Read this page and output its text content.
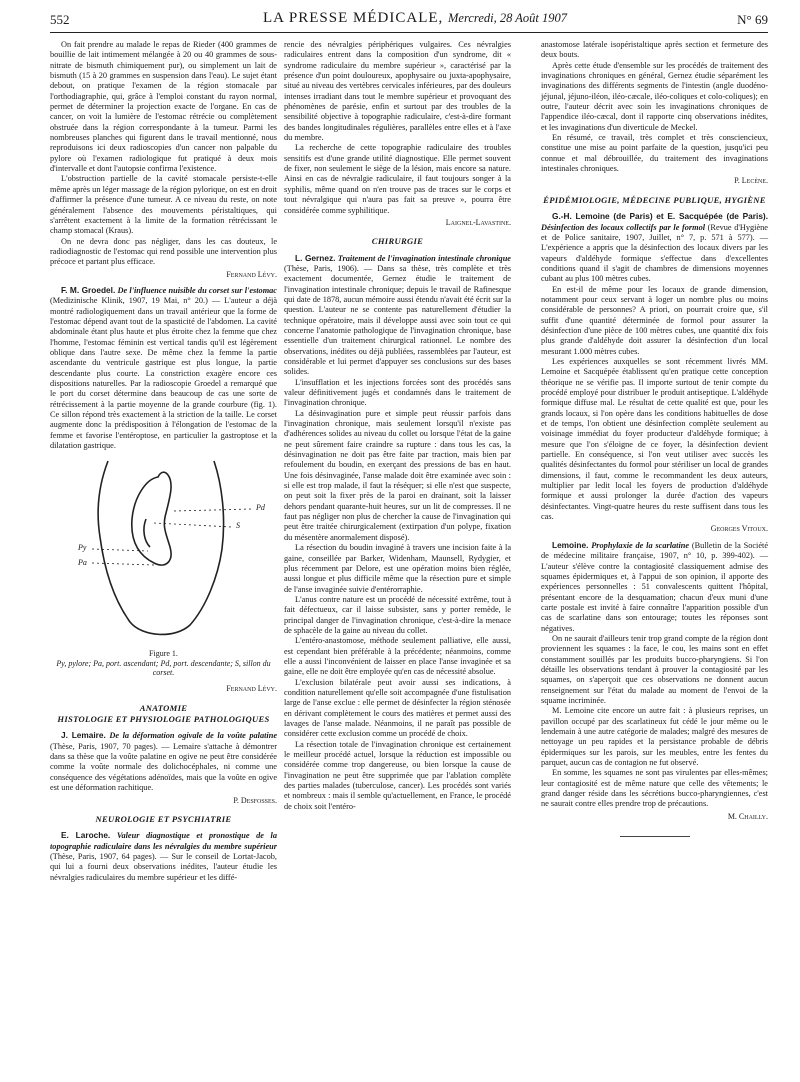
552	LA PRESSE MÉDICALE, Mercredi, 28 Août 1907	N° 69

On fait prendre au malade le repas de Rieder (400 grammes de bouillie de lait intimement mélangée à 20 ou 40 grammes de sous-nitrate de bismuth chimiquement pur), ou simplement un lait de bismuth (15 à 20 grammes en suspension dans l'eau). Le sujet étant debout, on pratique l'examen de la région stomacale par l'orthodiagraphie, qui, grâce à l'emploi constant du rayon normal, permet de déterminer la projection exacte de l'organe. En cas de cancer, on voit la lumière de l'estomac rétrécie ou complètement obstruée dans la région correspondante à la tumeur. Parmi les nombreuses planches qui figurent dans le travail mentionné, nous reproduisons ici deux radioscopies d'un cancer non palpable du pylore où l'examen radiologique fut pratiqué à deux mois d'intervalle et dont l'autopsie confirma l'existence.

L'obstruction partielle de la cavité stomacale persiste-t-elle même après un léger massage de la région pylorique, on est en droit d'affirmer la présence d'une tumeur. A ce niveau du reste, on note généralement l'absence des mouvements péristaltiques, qui s'arrêtent exactement à la limite de la formation rétrécissant le champ stomacal (Kraus).

On ne devra donc pas négliger, dans les cas douteux, le radiodiagnostic de l'estomac qui rend possible une intervention plus précoce et partant plus efficace.

Fernand Lévy.

F. M. Groedel. De l'influence nuisible du corset sur l'estomac (Medizinische Klinik, 1907, 19 Mai, n° 20.) — L'auteur a déjà montré radiologiquement dans un travail antérieur que la forme de l'estomac dépend avant tout de la spasticité de l'abdomen. La cavité abdominale étant plus haute et plus étroite chez la femme que chez l'homme, l'estomac féminin est vertical tandis qu'il est légèrement oblique dans l'autre sexe. De même chez la femme la partie ascendante du ventricule gastrique est plus longue, la partie descendante plus courte. La constriction exagère encore ces dispositions naturelles. Par la radioscopie Groedel a remarqué que le port du corset détermine dans beaucoup de cas une sorte de rétrécissement à la partie moyenne de la grande courbure (fig. 1). Ce sillon répond très exactement à la striction de la taille. Le corset augmente donc la prédisposition à l'élongation de l'estomac de la femme et favorise l'entéroptose, en particulier la gastroptose et la dilatation gastrique.

Pd
S
Py
Pa
Figure 1.
Py, pylore; Pa, port. ascendant; Pd, port. descendante; S, sillon du corset.
Fernand Lévy.
ANATOMIE
HISTOLOGIE ET PHYSIOLOGIE PATHOLOGIQUES

J. Lemaire. De la déformation ogivale de la voûte palatine (Thèse, Paris, 1907, 70 pages). — Lemaire s'attache à démontrer dans sa thèse que la voûte palatine en ogive ne peut être considérée comme la voûte normale des dolichocéphales, ni comme une conséquence des végétations adénoïdes, mais que la voûte en ogive est une déformation rachitique.

P. Desfosses.
NEUROLOGIE ET PSYCHIATRIE

E. Laroche. Valeur diagnostique et pronostique de la topographie radiculaire dans les névralgies du membre supérieur (Thèse, Paris, 1907, 64 pages). — Sur le conseil de Lortat-Jacob, qui lui a fourni deux observations inédites, l'auteur étudie les névralgies radiculaires du membre supérieur et les diffé-

rencie des névralgies périphériques vulgaires. Ces névralgies radiculaires entrent dans la composition d'un syndrome, dit « syndrome radiculaire du membre supérieur », caractérisé par la présence d'un point douloureux, apophysaire ou juxta-apophysaire, situé au niveau des vertèbres cervicales inférieures, par des douleurs intenses irradiant dans tout le membre supérieur et provoquant des phénomènes de parésie, enfin et surtout par des troubles de la sensibilité objective à topographie radiculaire, c'est-à-dire formant des bandes longitudinales régulières, parallèles entre elles et à l'axe du membre.

La recherche de cette topographie radiculaire des troubles sensitifs est d'une grande utilité diagnostique. Elle permet souvent de fixer, non seulement le siège de la lésion, mais encore sa nature. Ainsi en cas de névralgie radiculaire, il faut toujours songer à la syphilis, même quand on n'en trouve pas de traces sur le corps et tout névralgique qui n'aura pas fait sa preuve », pourra être considérée comme syphilitique.

Laignel-Lavastine.
CHIRURGIE

L. Gernez. Traitement de l'invagination intestinale chronique (Thèse, Paris, 1906). — Dans sa thèse, très complète et très exactement documentée, Gernez étudie le traitement de l'invagination intestinale chronique; depuis le travail de Rafinesque qui date de 1878, aucun mémoire aussi étendu n'avait été écrit sur la question. L'auteur ne se contente pas naturellement d'étudier la technique opératoire, mais il développe aussi avec soin tout ce qui concerne l'anatomie pathologique de l'invagination chronique, base essentielle d'un traitement chirurgical rationnel. Le nombre des observations, inédites ou déjà publiées, rassemblées par l'auteur, est considérable et lui permet d'appuyer ses conclusions sur des bases solides.

L'insufflation et les injections forcées sont des procédés sans valeur définitivement jugés et condamnés dans le traitement de l'invagination chronique.

La désinvagination pure et simple peut réussir parfois dans l'invagination chronique, mais seulement lorsqu'il n'existe pas d'adhérences solides au niveau du collet ou lorsque l'état de la gaine ne peut sûrement faire craindre sa rupture : dans tous les cas, la désinvagination ne doit pas être faite par traction, mais bien par refoulement du boudin, en exerçant des pressions de bas en haut. Une fois désinvaginée, l'anse malade doit être examinée avec soin : si elle est trop malade, il faut la réséquer; si elle n'est que suspecte, on peut soit la fixer près de la paroi en drainant, soit la laisser dehors pendant quarante-huit heures, sur un lit de compresses. Il ne faut pas négliger non plus de chercher la cause de l'invagination qui peut être traitée chirurgicalement (extirpation d'un polype, fixation du mésentère anormalement disposé).

La résection du boudin invaginé à travers une incision faite à la gaine, conseillée par Barker, Widenham, Maunsell, Rydygier, et plus récemment par Delore, est une opération moins bien réglée, aussi longue et plus difficile même que la résection pure et simple de l'anse invaginée suivie d'entérorraphie.

L'anus contre nature est un procédé de nécessité extrême, tout à fait défectueux, car il laisse subsister, sans y porter remède, le principal danger de l'invagination chronique, c'est-à-dire la menace de sphacèle de la gaine au niveau du collet.

L'entéro-anastomose, méthode seulement palliative, elle aussi, est cependant bien préférable à la précédente; néanmoins, comme elle a aussi l'inconvénient de laisser en place l'anse invaginée et sa gaine, elle ne doit être employée qu'en cas de nécessité absolue.

L'exclusion bilatérale peut avoir aussi ses indications, à condition naturellement qu'elle soit accompagnée d'une fistulisation large de l'anse exclue : elle permet de désinfecter la région sténosée en dérivant complètement le cours des matières et permet aussi des lavages de l'anse malade. Néanmoins, il ne paraît pas possible de considérer cette exclusion comme un procédé de choix.

La résection totale de l'invagination chronique est certainement le meilleur procédé actuel, lorsque la réduction est impossible ou considérée comme trop dangereuse, ou bien lorsque la cause de l'invagination ne peut être supprimée que par l'ablation complète des parties malades (tuberculose, cancer). Les procédés sont variés et nombreux : mais il semble qu'actuellement, en France, le procédé de choix soit l'entéro-

anastomose latérale isopéristaltique après section et fermeture des deux bouts.

Après cette étude d'ensemble sur les procédés de traitement des invaginations chroniques en général, Gernez étudie séparément les invaginations des différents segments de l'intestin (angle duodéno-jéjunal, jéjuno-iléon, iléo-cæcale, iléo-coliques et colo-coliques); en outre, l'auteur décrit avec soin les invaginations chroniques de l'appendice iléo-cæcal, dont il rapporte cinq observations inédites, et les invaginations d'un diverticule de Meckel.

En résumé, ce travail, très complet et très consciencieux, constitue une mise au point parfaite de la question, jusqu'ici peu connue et mal débrouillée, du traitement des invaginations intestinales chroniques.

P. Lecène.
ÉPIDÉMIOLOGIE, MÉDECINE PUBLIQUE, HYGIÈNE

G.-H. Lemoine (de Paris) et E. Sacquépée (de Paris). Désinfection des locaux collectifs par le formol (Revue d'Hygiène et de Police sanitaire, 1907, Juillet, n° 7, p. 571 à 577). — L'expérience a appris que la désinfection des locaux divers par les vapeurs d'aldéhyde formique s'effectue dans d'excellentes conditions quand il s'agit de chambres de dimensions moyennes cubant au plus 100 mètres cubes.

En est-il de même pour les locaux de grande dimension, notamment pour ceux servant à loger un nombre plus ou moins considérable de personnes? A priori, on pourrait croire que, s'il suffit d'une quantité déterminée de formol pour assurer la désinfection d'une pièce de 100 mètres cubes, une quantité dix fois plus grande d'aldéhyde doit assurer la désinfection d'un local mesurant 1.000 mètres cubes.

Les expériences auxquelles se sont récemment livrés MM. Lemoine et Sacquépée établissent qu'en pratique cette conception théorique ne se vérifie pas. Il importe surtout de tenir compte du procédé employé pour distribuer le produit antiseptique. L'aldéhyde formique diffuse mal. Le résultat de cette qualité est que, pour les grands locaux, si l'on opère dans les conditions habituelles de dose et de temps, l'on obtient une désinfection complète seulement au voisinage immédiat du foyer producteur d'aldéhyde formique; à mesure que l'on s'éloigne de ce foyer, la désinfection devient partielle. En conséquence, si l'on veut utiliser avec succès les qualités désinfectantes du formol pour stériliser un local de grandes dimensions, il faut, comme le recommandent les deux auteurs, multiplier par ledit local les foyers de production d'aldéhyde formique et aussi prolonger la durée d'action des vapeurs désinfectantes. Vingt-quatre heures du reste suffisent dans tous les cas.

Georges Vitoux.

Lemoine. Prophylaxie de la scarlatine (Bulletin de la Société de médecine militaire française, 1907, n° 10, p. 399-402). — L'auteur s'élève contre la contagiosité classiquement admise des squames épidermiques et, à l'appui de son opinion, il apporte des expériences personnelles : 51 convalescents quittent l'hôpital, présentant encore de la desquamation; chacun d'eux muni d'une carte postale est invité à faire connaître l'apparition possible d'un cas de scarlatine dans son entourage; toutes les réponses sont négatives.

On ne saurait d'ailleurs tenir trop grand compte de la région dont proviennent les squames : la face, le cou, les mains sont en effet constamment souillés par les produits bucco-pharyngiens. Si l'on détaille les observations tendant à prouver la contagiosité par les squames, on s'aperçoit que ces observations ne donnent aucun renseignement sur l'état du malade au moment de l'envoi de la squame incriminée.

M. Lemoine cite encore un autre fait : à plusieurs reprises, un pavillon occupé par des scarlatineux fut cédé le jour même ou le lendemain à une autre catégorie de malades; malgré des mesures de nettoyage un peu rapides et la persistance probable de débris épidermiques sur les parois, sur les meubles, entre les fentes du parquet, aucun cas de contagion ne fut observé.

En somme, les squames ne sont pas virulentes par elles-mêmes; leur contagiosité est de même nature que celle des vêtements; le grand danger réside dans les sécrétions bucco-pharyngiennes, c'est ne saurait contre elles prendre trop de précautions.

M. Chailly.
